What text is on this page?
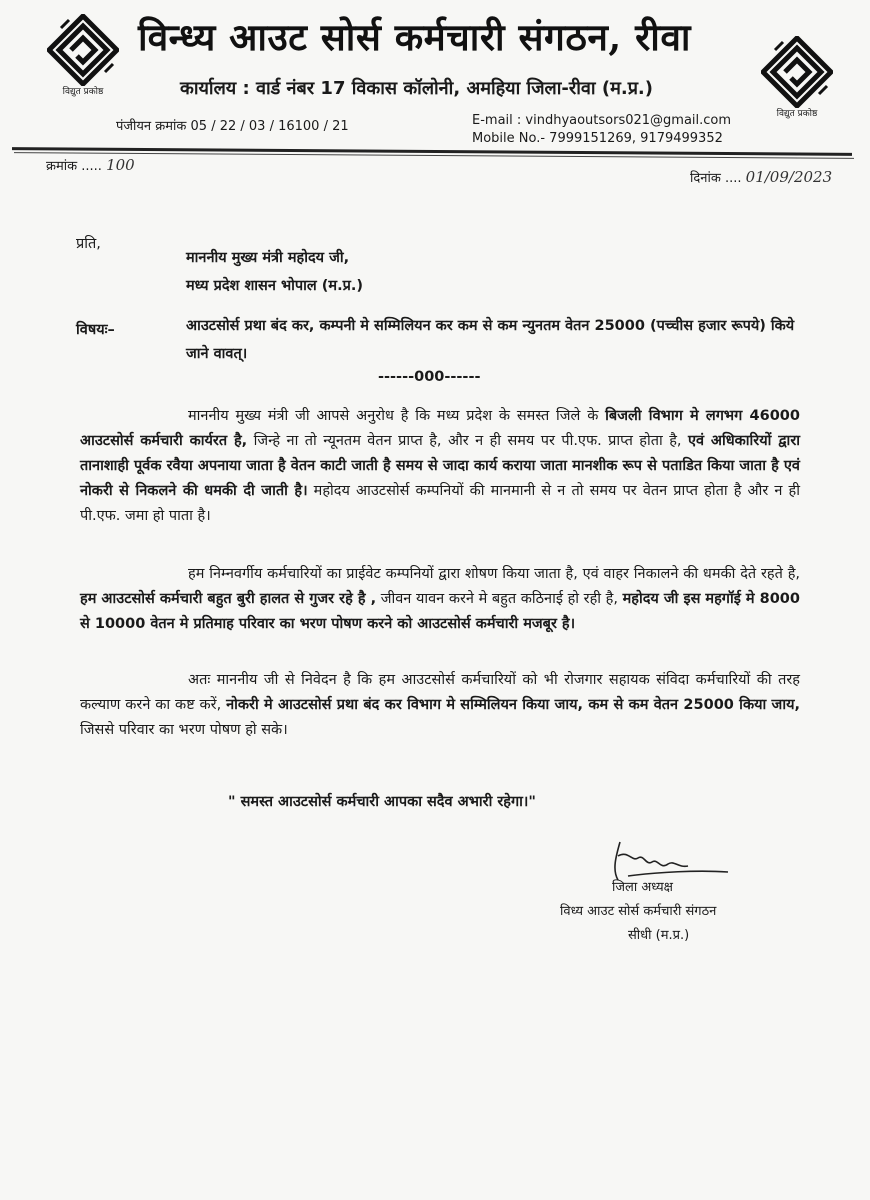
विद्युत प्रकोष्ठ
विन्ध्य आउट सोर्स कर्मचारी संगठन, रीवा
कार्यालय : वार्ड नंबर 17 विकास कॉलोनी, अमहिया जिला-रीवा (म.प्र.)
पंजीयन क्रमांक 05 / 22 / 03 / 16100 / 21	E-mail : vindhyaoutsors021@gmail.com
Mobile No.- 7999151269, 9179499352
विद्युत प्रकोष्ठ
क्रमांक ..... 100
दिनांक .... 01/09/2023
प्रति,
माननीय मुख्य मंत्री महोदय जी,
मध्य प्रदेश शासन भोपाल (म.प्र.)
विषयः–	आउटसोर्स प्रथा बंद कर, कम्पनी मे सम्मिलियन कर कम से कम न्युनतम वेतन 25000 (पच्चीस हजार रूपये) किये जाने वावत्।
------000------
माननीय मुख्य मंत्री जी आपसे अनुरोध है कि मध्य प्रदेश के समस्त जिले के बिजली विभाग मे लगभग 46000 आउटसोर्स कर्मचारी कार्यरत है, जिन्हे ना तो न्यूनतम वेतन प्राप्त है, और न ही समय पर पी.एफ. प्राप्त होता है, एवं अधिकारियों द्वारा तानाशाही पूर्वक रवैया अपनाया जाता है वेतन काटी जाती है समय से जादा कार्य कराया जाता मानशीक रूप से पताडित किया जाता है एवं नोकरी से निकलने की धमकी दी जाती है। महोदय आउटसोर्स कम्पनियों की मानमानी से न तो समय पर वेतन प्राप्त होता है और न ही पी.एफ. जमा हो पाता है।
हम निम्नवर्गीय कर्मचारियों का प्राईवेट कम्पनियों द्वारा शोषण किया जाता है, एवं वाहर निकालने की धमकी देते रहते है, हम आउटसोर्स कर्मचारी बहुत बुरी हालत से गुजर रहे है , जीवन यावन करने मे बहुत कठिनाई हो रही है, महोदय जी इस महगॉई मे 8000 से 10000 वेतन मे प्रतिमाह परिवार का भरण पोषण करने को आउटसोर्स कर्मचारी मजबूर है।
अतः माननीय जी से निवेदन है कि हम आउटसोर्स कर्मचारियों को भी रोजगार सहायक संविदा कर्मचारियों की तरह कल्याण करने का कष्ट करें, नोकरी मे आउटसोर्स प्रथा बंद कर विभाग मे सम्मिलियन किया जाय, कम से कम वेतन 25000 किया जाय, जिससे परिवार का भरण पोषण हो सके।
" समस्त आउटसोर्स कर्मचारी आपका सदैव अभारी रहेगा।"
जिला अध्यक्ष
विध्य आउट सोर्स कर्मचारी संगठन
सीधी (म.प्र.)
